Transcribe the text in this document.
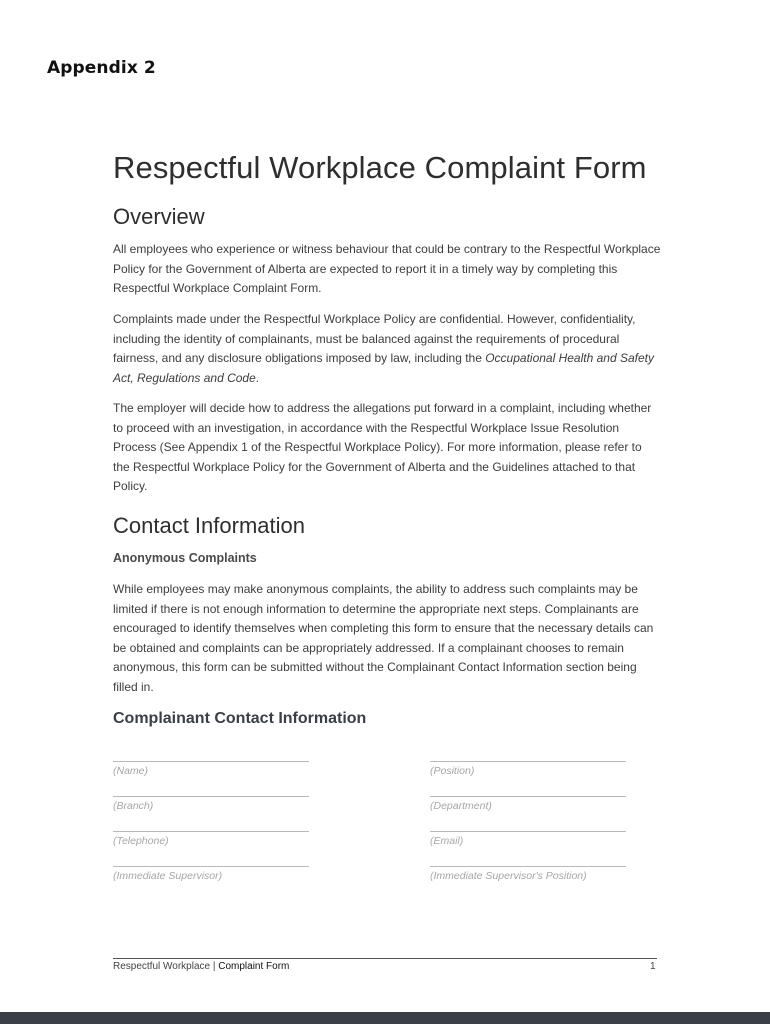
Appendix 2
Respectful Workplace Complaint Form
Overview

All employees who experience or witness behaviour that could be contrary to the Respectful Workplace Policy for the Government of Alberta are expected to report it in a timely way by completing this Respectful Workplace Complaint Form.

Complaints made under the Respectful Workplace Policy are confidential. However, confidentiality, including the identity of complainants, must be balanced against the requirements of procedural fairness, and any disclosure obligations imposed by law, including the Occupational Health and Safety Act, Regulations and Code.

The employer will decide how to address the allegations put forward in a complaint, including whether to proceed with an investigation, in accordance with the Respectful Workplace Issue Resolution Process (See Appendix 1 of the Respectful Workplace Policy). For more information, please refer to the Respectful Workplace Policy for the Government of Alberta and the Guidelines attached to that Policy.

Contact Information

Anonymous Complaints

While employees may make anonymous complaints, the ability to address such complaints may be limited if there is not enough information to determine the appropriate next steps. Complainants are encouraged to identify themselves when completing this form to ensure that the necessary details can be obtained and complaints can be appropriately addressed. If a complainant chooses to remain anonymous, this form can be submitted without the Complainant Contact Information section being filled in.

Complainant Contact Information
(Name)	(Position)
(Branch)	(Department)
(Telephone)	(Email)
(Immediate Supervisor)	(Immediate Supervisor's Position)
Respectful Workplace | Complaint Form	1
